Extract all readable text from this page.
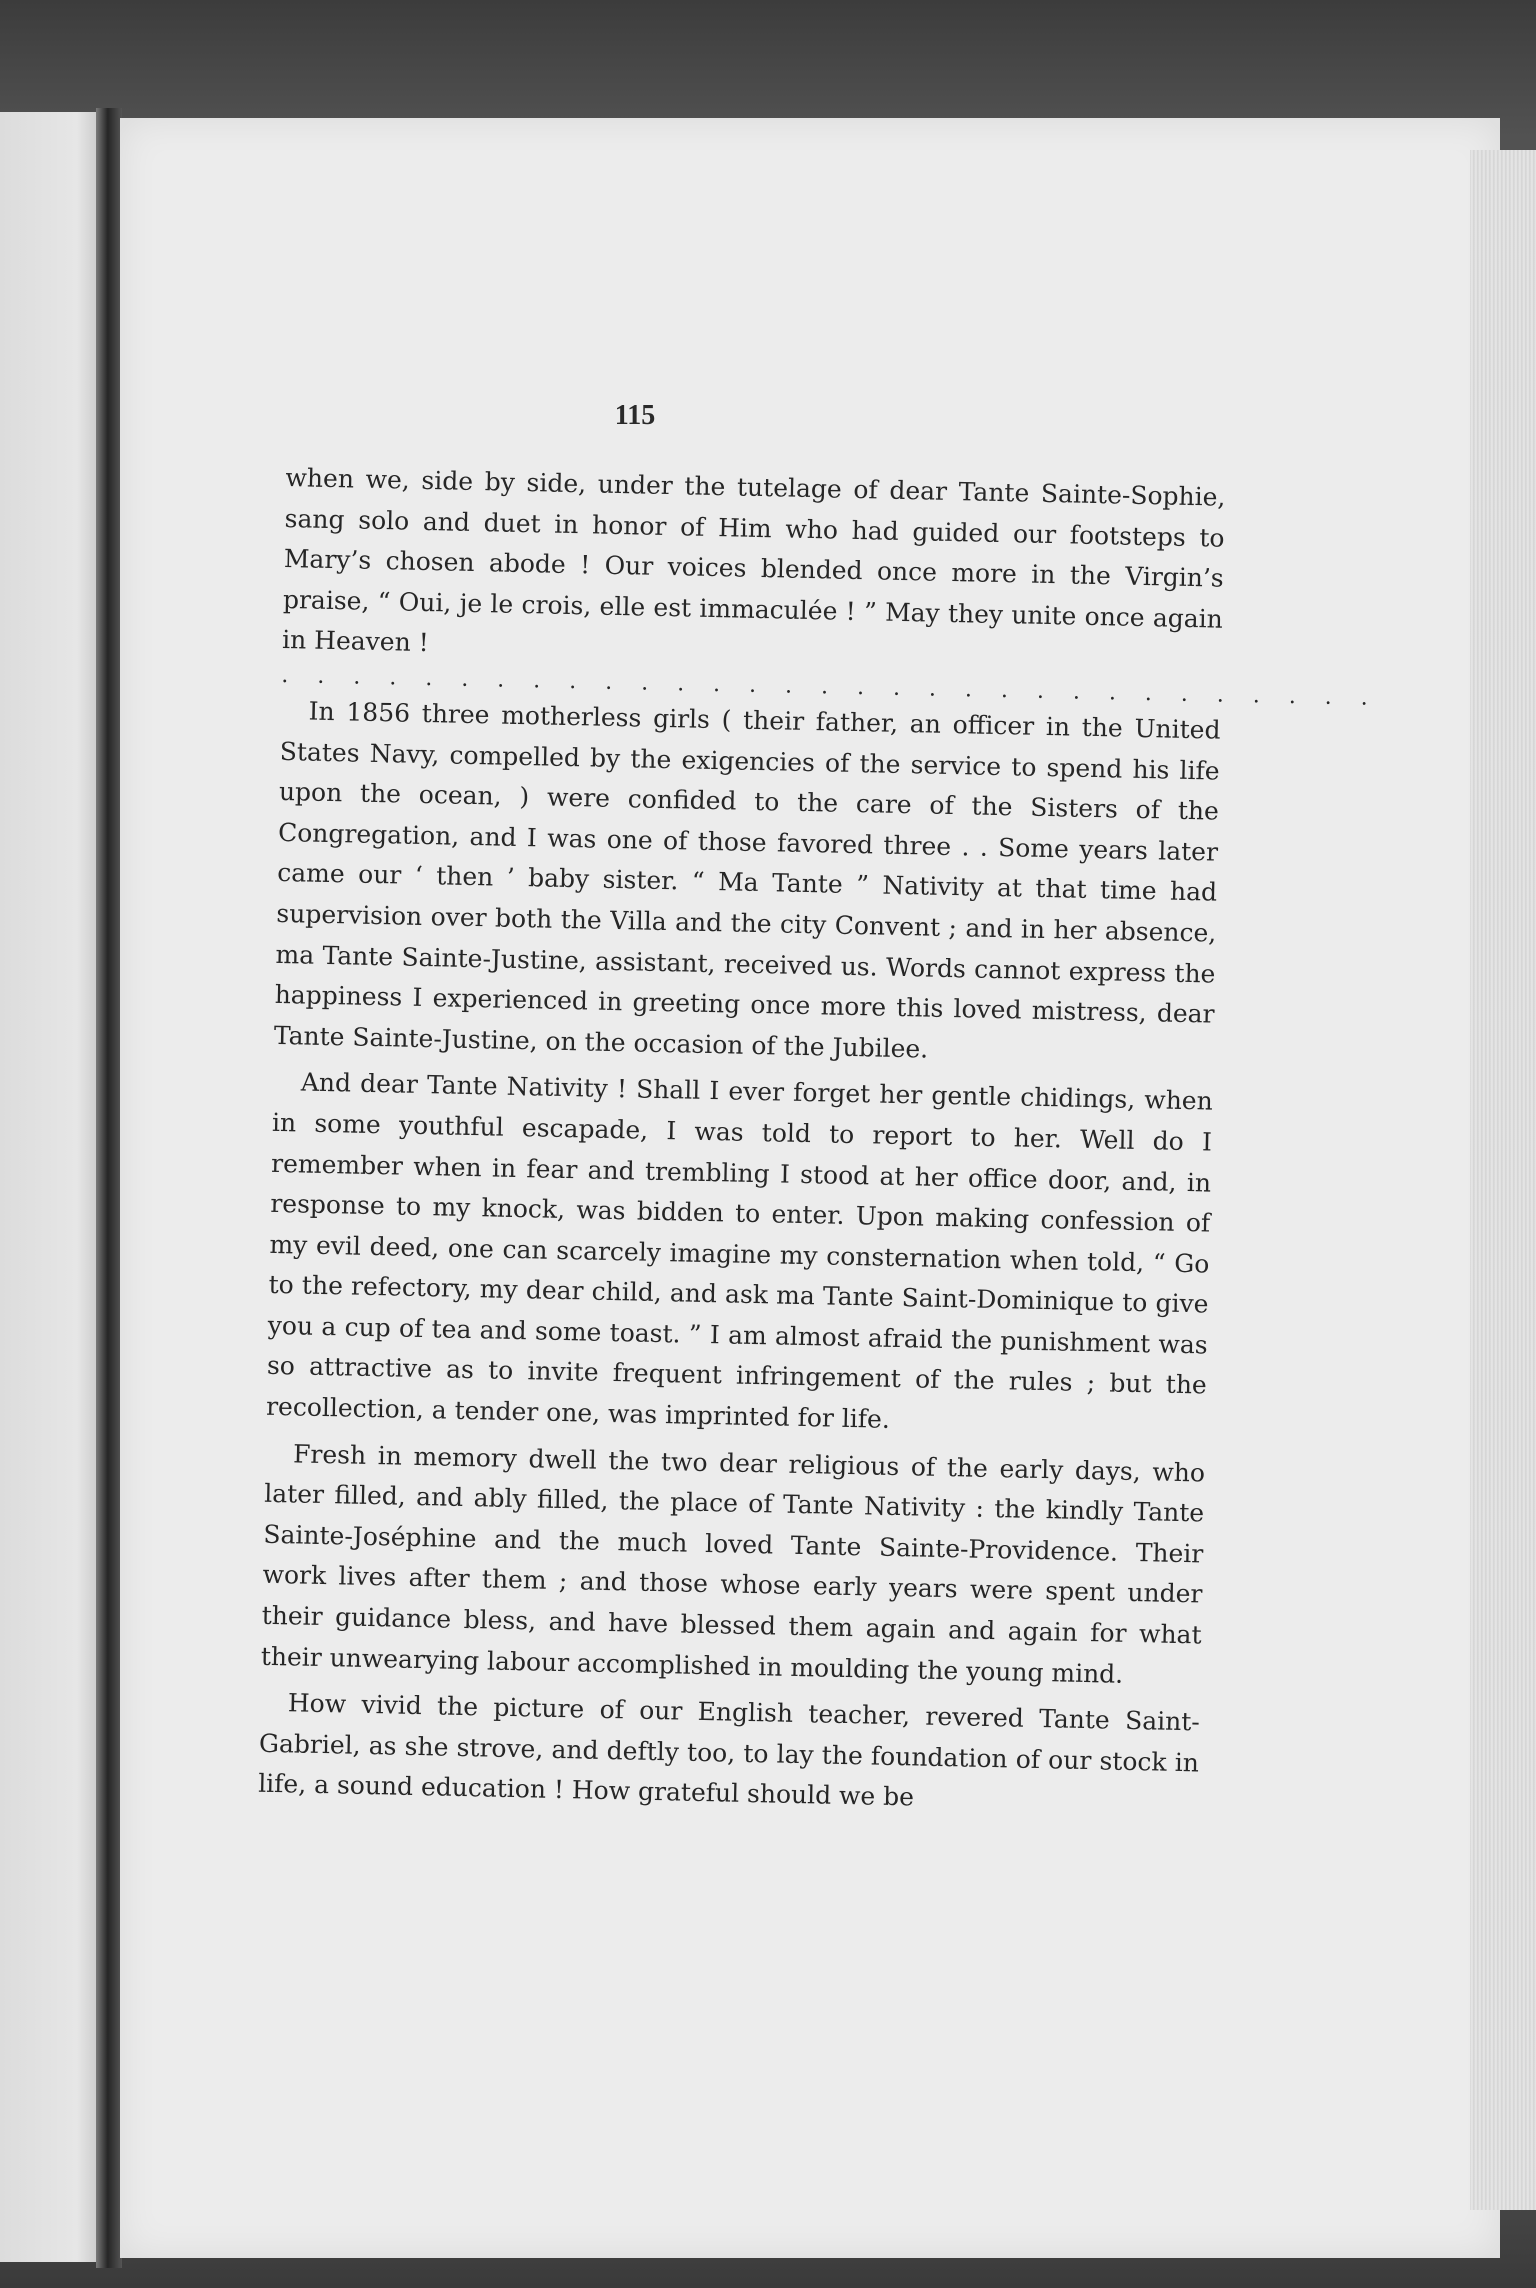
115

when we, side by side, under the tutelage of dear Tante Sainte-Sophie, sang solo and duet in honor of Him who had guided our footsteps to Mary’s chosen abode ! Our voices blended once more in the Virgin’s praise, “ Oui, je le crois, elle est immaculée ! ” May they unite once again in Heaven !

. . . . . . . . . . . . . . . . . . . . . . . . . . . . . . .

In 1856 three motherless girls ( their father, an officer in the United States Navy, compelled by the exigencies of the service to spend his life upon the ocean, ) were confided to the care of the Sisters of the Congregation, and I was one of those favored three . . Some years later came our ‘ then ’ baby sister. “ Ma Tante ” Nativity at that time had supervision over both the Villa and the city Convent ; and in her absence, ma Tante Sainte-Justine, assistant, received us. Words cannot express the happiness I experienced in greeting once more this loved mistress, dear Tante Sainte-Justine, on the occasion of the Jubilee.

And dear Tante Nativity ! Shall I ever forget her gentle chidings, when in some youthful escapade, I was told to report to her. Well do I remember when in fear and trembling I stood at her office door, and, in response to my knock, was bidden to enter. Upon making confession of my evil deed, one can scarcely imagine my consternation when told, “ Go to the refectory, my dear child, and ask ma Tante Saint-Dominique to give you a cup of tea and some toast. ” I am almost afraid the punishment was so attractive as to invite frequent infringement of the rules ; but the recollection, a tender one, was imprinted for life.

Fresh in memory dwell the two dear religious of the early days, who later filled, and ably filled, the place of Tante Nativity : the kindly Tante Sainte-Joséphine and the much loved Tante Sainte-Providence. Their work lives after them ; and those whose early years were spent under their guidance bless, and have blessed them again and again for what their unwearying labour accomplished in moulding the young mind.

How vivid the picture of our English teacher, revered Tante Saint-Gabriel, as she strove, and deftly too, to lay the foundation of our stock in life, a sound education ! How grateful should we be
